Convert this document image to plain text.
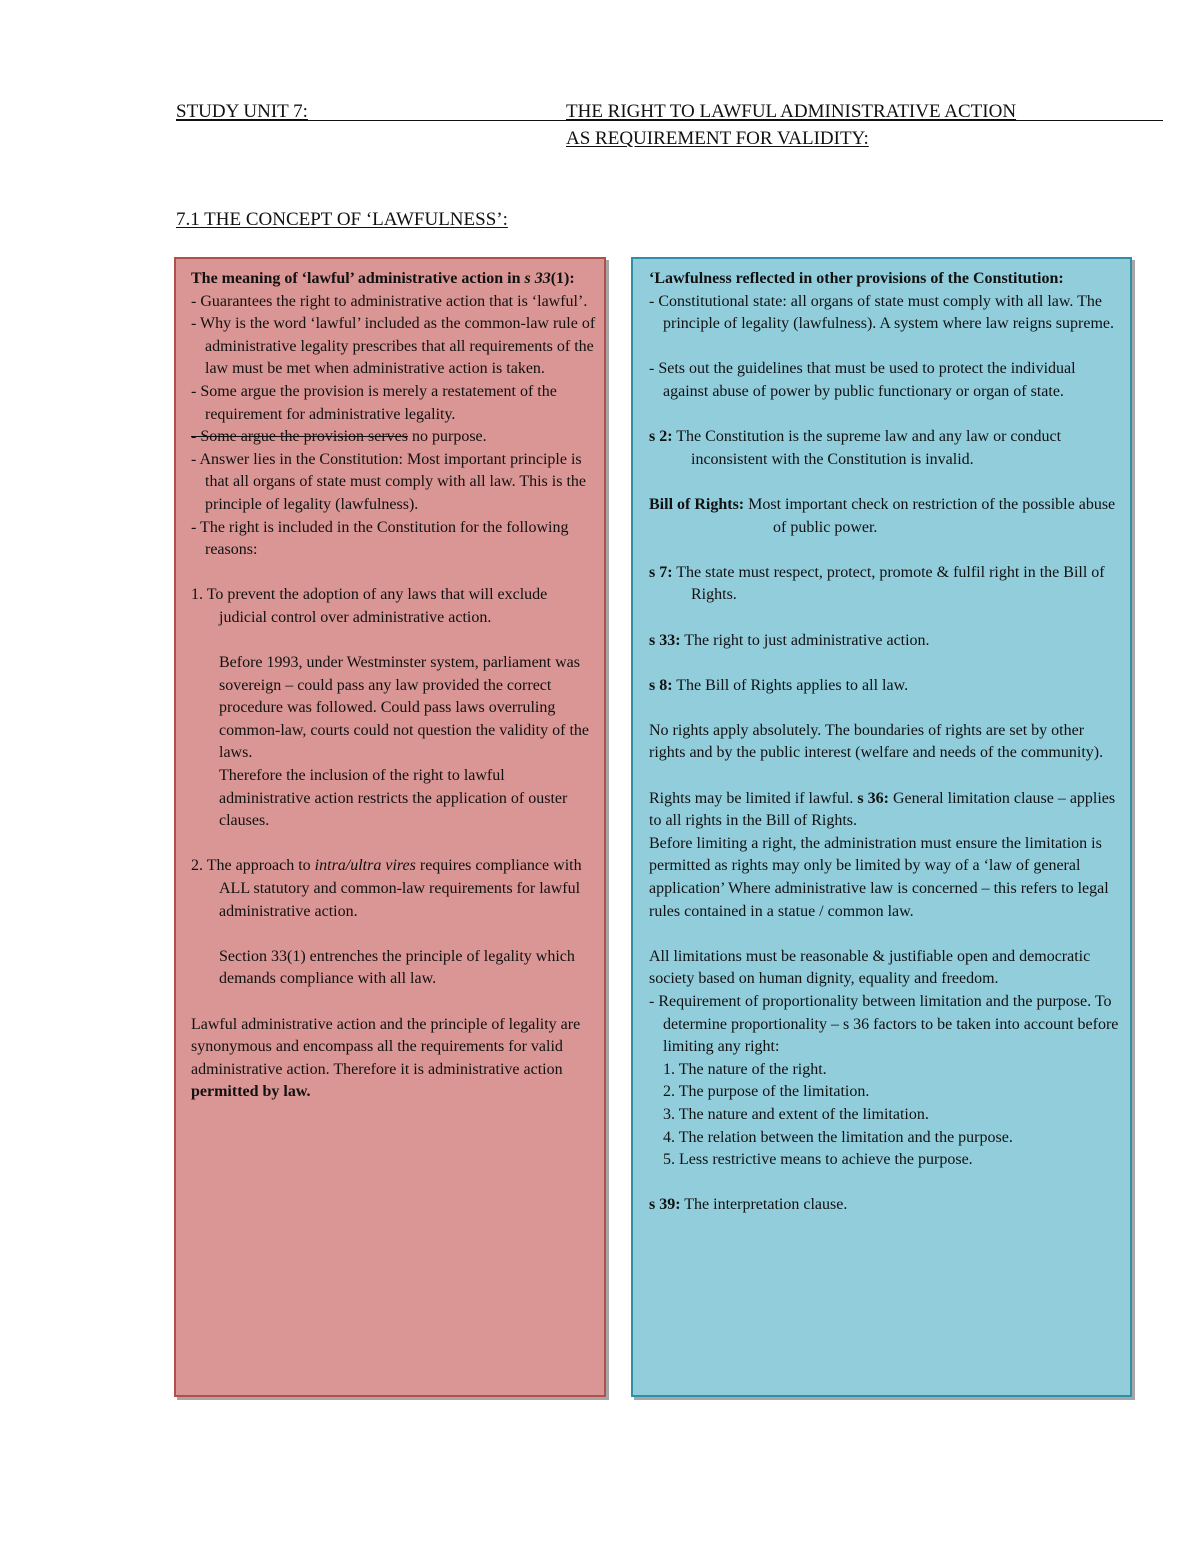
STUDY UNIT 7:	THE RIGHT TO LAWFUL ADMINISTRATIVE ACTION
AS REQUIREMENT FOR VALIDITY:
7.1 THE CONCEPT OF ‘LAWFULNESS’:

The meaning of ‘lawful’ administrative action in s 33(1):

- Guarantees the right to administrative action that is ‘lawful’.

- Why is the word ‘lawful’ included as the common-law rule of administrative legality prescribes that all requirements of the law must be met when administrative action is taken.

- Some argue the provision is merely a restatement of the requirement for administrative legality.

- Some argue the provision serves no purpose.

- Answer lies in the Constitution: Most important principle is that all organs of state must comply with all law. This is the principle of legality (lawfulness).

- The right is included in the Constitution for the following reasons:

1. To prevent the adoption of any laws that will exclude judicial control over administrative action.

Before 1993, under Westminster system, parliament was sovereign – could pass any law provided the correct procedure was followed. Could pass laws overruling common-law, courts could not question the validity of the laws.

Therefore the inclusion of the right to lawful administrative action restricts the application of ouster clauses.

2. The approach to intra/ultra vires requires compliance with ALL statutory and common-law requirements for lawful administrative action.

Section 33(1) entrenches the principle of legality which demands compliance with all law.

Lawful administrative action and the principle of legality are synonymous and encompass all the requirements for valid administrative action. Therefore it is administrative action permitted by law.

‘Lawfulness reflected in other provisions of the Constitution:

- Constitutional state: all organs of state must comply with all law. The principle of legality (lawfulness). A system where law reigns supreme.

- Sets out the guidelines that must be used to protect the individual against abuse of power by public functionary or organ of state.

s 2: The Constitution is the supreme law and any law or conduct inconsistent with the Constitution is invalid.

Bill of Rights: Most important check on restriction of the possible abuse of public power.

s 7: The state must respect, protect, promote & fulfil right in the Bill of Rights.

s 33: The right to just administrative action.

s 8: The Bill of Rights applies to all law.

No rights apply absolutely. The boundaries of rights are set by other rights and by the public interest (welfare and needs of the community).

Rights may be limited if lawful. s 36: General limitation clause – applies to all rights in the Bill of Rights.

Before limiting a right, the administration must ensure the limitation is permitted as rights may only be limited by way of a ‘law of general application’ Where administrative law is concerned – this refers to legal rules contained in a statue / common law.

All limitations must be reasonable & justifiable open and democratic society based on human dignity, equality and freedom.

- Requirement of proportionality between limitation and the purpose. To determine proportionality – s 36 factors to be taken into account before limiting any right:

1. The nature of the right.

2. The purpose of the limitation.

3. The nature and extent of the limitation.

4. The relation between the limitation and the purpose.

5. Less restrictive means to achieve the purpose.

s 39: The interpretation clause.
